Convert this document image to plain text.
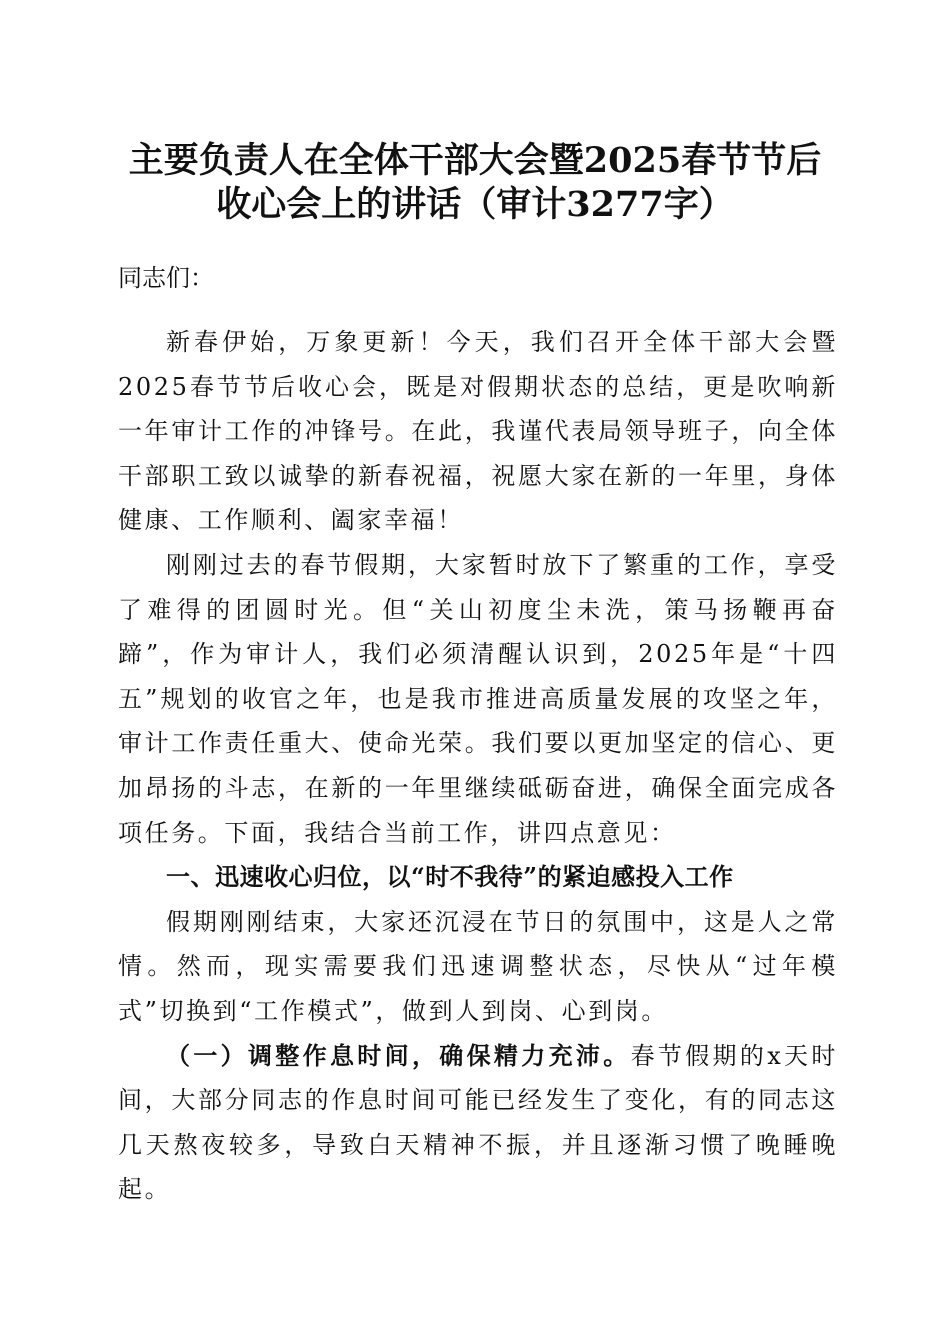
主要负责人在全体干部大会暨2025春节节后
收心会上的讲话（审计3277字）
同志们：

新春伊始，万象更新！今天，我们召开全体干部大会暨2025春节节后收心会，既是对假期状态的总结，更是吹响新一年审计工作的冲锋号。在此，我谨代表局领导班子，向全体干部职工致以诚挚的新春祝福，祝愿大家在新的一年里，身体健康、工作顺利、阖家幸福！

刚刚过去的春节假期，大家暂时放下了繁重的工作，享受了难得的团圆时光。但“关山初度尘未洗，策马扬鞭再奋蹄”，作为审计人，我们必须清醒认识到，2025年是“十四五”规划的收官之年，也是我市推进高质量发展的攻坚之年，审计工作责任重大、使命光荣。我们要以更加坚定的信心、更加昂扬的斗志，在新的一年里继续砥砺奋进，确保全面完成各项任务。下面，我结合当前工作，讲四点意见：

一、迅速收心归位，以“时不我待”的紧迫感投入工作

假期刚刚结束，大家还沉浸在节日的氛围中，这是人之常情。然而，现实需要我们迅速调整状态，尽快从“过年模式”切换到“工作模式”，做到人到岗、心到岗。

（一）调整作息时间，确保精力充沛。春节假期的x天时间，大部分同志的作息时间可能已经发生了变化，有的同志这几天熬夜较多，导致白天精神不振，并且逐渐习惯了晚睡晚起。
